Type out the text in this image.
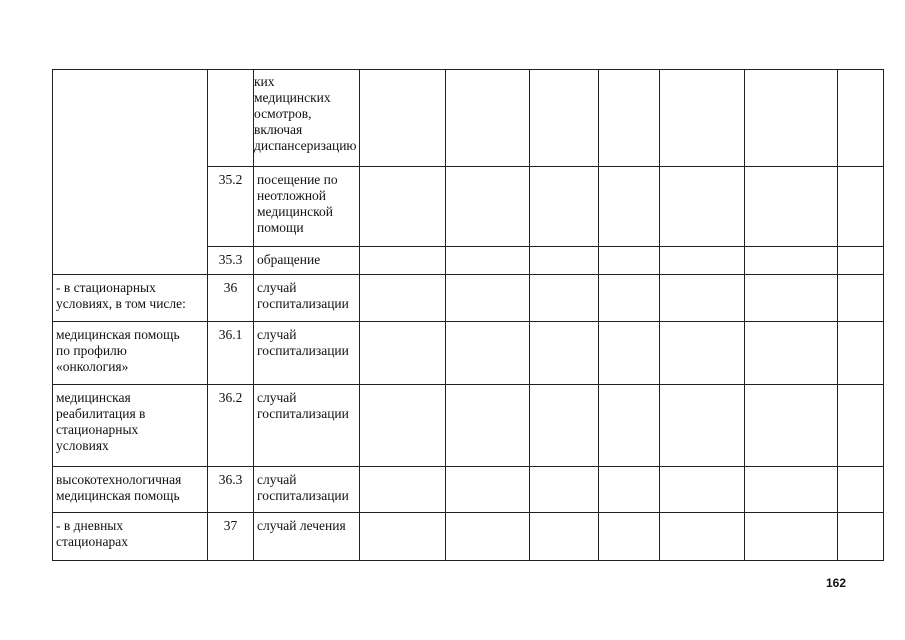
		ких
медицинских
осмотров,
включая
диспансеризацию							

	35.2	посещение по
неотложной
медицинской
помощи							

	35.3	обращение							

- в стационарных
условиях, в том числе:	36	случай
госпитализации							

медицинская помощь
по профилю
«онкология»	36.1	случай
госпитализации							

медицинская
реабилитация в
стационарных
условиях	36.2	случай
госпитализации							

высокотехнологичная
медицинская помощь	36.3	случай
госпитализации							

- в дневных
стационарах	37	случай лечения							

162
